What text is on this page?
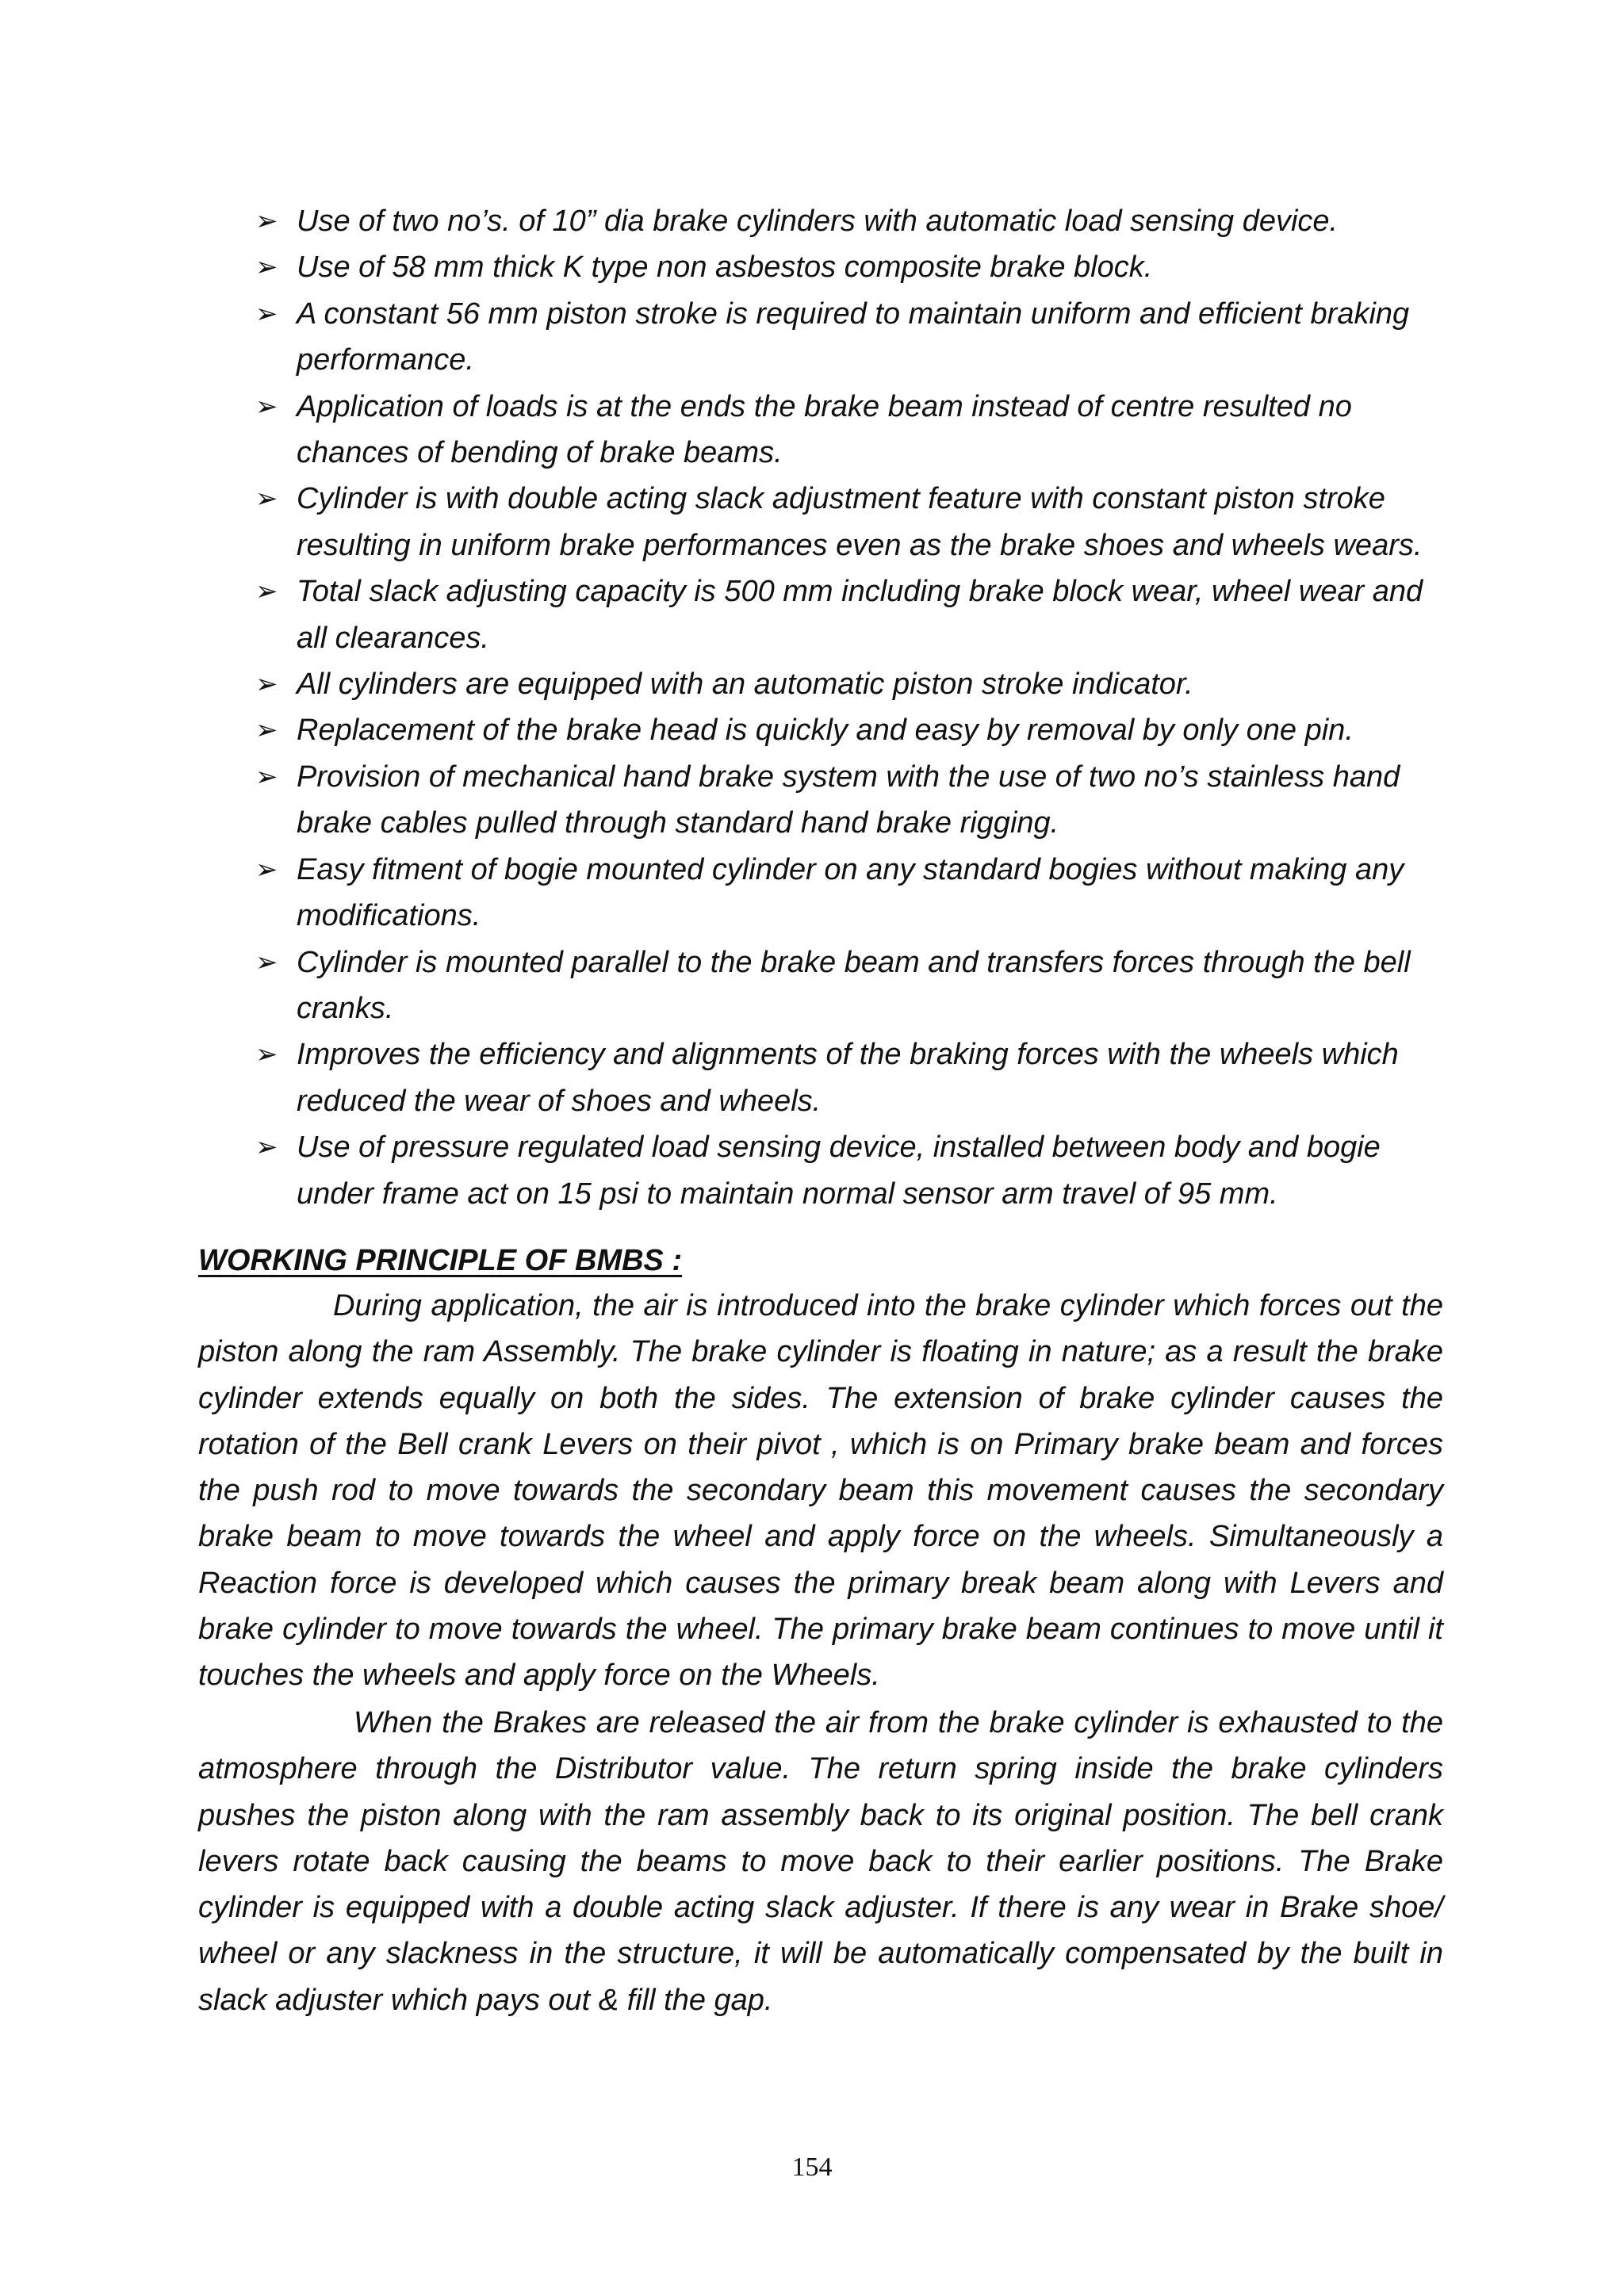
➢ Use of two no’s. of 10” dia brake cylinders with automatic load sensing device.
➢ Use of 58 mm thick K type non asbestos composite brake block.
➢ A constant 56 mm piston stroke is required to maintain uniform and efficient braking performance.
➢ Application of loads is at the ends the brake beam instead of centre resulted no chances of bending of brake beams.
➢ Cylinder is with double acting slack adjustment feature with constant piston stroke resulting in uniform brake performances even as the brake shoes and wheels wears.
➢ Total slack adjusting capacity is 500 mm including brake block wear, wheel wear and all clearances.
➢ All cylinders are equipped with an automatic piston stroke indicator.
➢ Replacement of the brake head is quickly and easy by removal by only one pin.
➢ Provision of mechanical hand brake system with the use of two no’s stainless hand brake cables pulled through standard hand brake rigging.
➢ Easy fitment of bogie mounted cylinder on any standard bogies without making any modifications.
➢ Cylinder is mounted parallel to the brake beam and transfers forces through the bell cranks.
➢ Improves the efficiency and alignments of the braking forces with the wheels which reduced the wear of shoes and wheels.
➢ Use of pressure regulated load sensing device, installed between body and bogie under frame act on 15 psi to maintain normal sensor arm travel of 95 mm.
WORKING PRINCIPLE OF BMBS :

During application, the air is introduced into the brake cylinder which forces out the piston along the ram Assembly. The brake cylinder is floating in nature; as a result the brake cylinder extends equally on both the sides. The extension of brake cylinder causes the rotation of the Bell crank Levers on their pivot , which is on Primary brake beam and forces the push rod to move towards the secondary beam this movement causes the secondary brake beam to move towards the wheel and apply force on the wheels. Simultaneously a Reaction force is developed which causes the primary break beam along with Levers and brake cylinder to move towards the wheel. The primary brake beam continues to move until it touches the wheels and apply force on the Wheels.

When the Brakes are released the air from the brake cylinder is exhausted to the atmosphere through the Distributor value. The return spring inside the brake cylinders pushes the piston along with the ram assembly back to its original position. The bell crank levers rotate back causing the beams to move back to their earlier positions. The Brake cylinder is equipped with a double acting slack adjuster. If there is any wear in Brake shoe/ wheel or any slackness in the structure, it will be automatically compensated by the built in slack adjuster which pays out & fill the gap.

154
